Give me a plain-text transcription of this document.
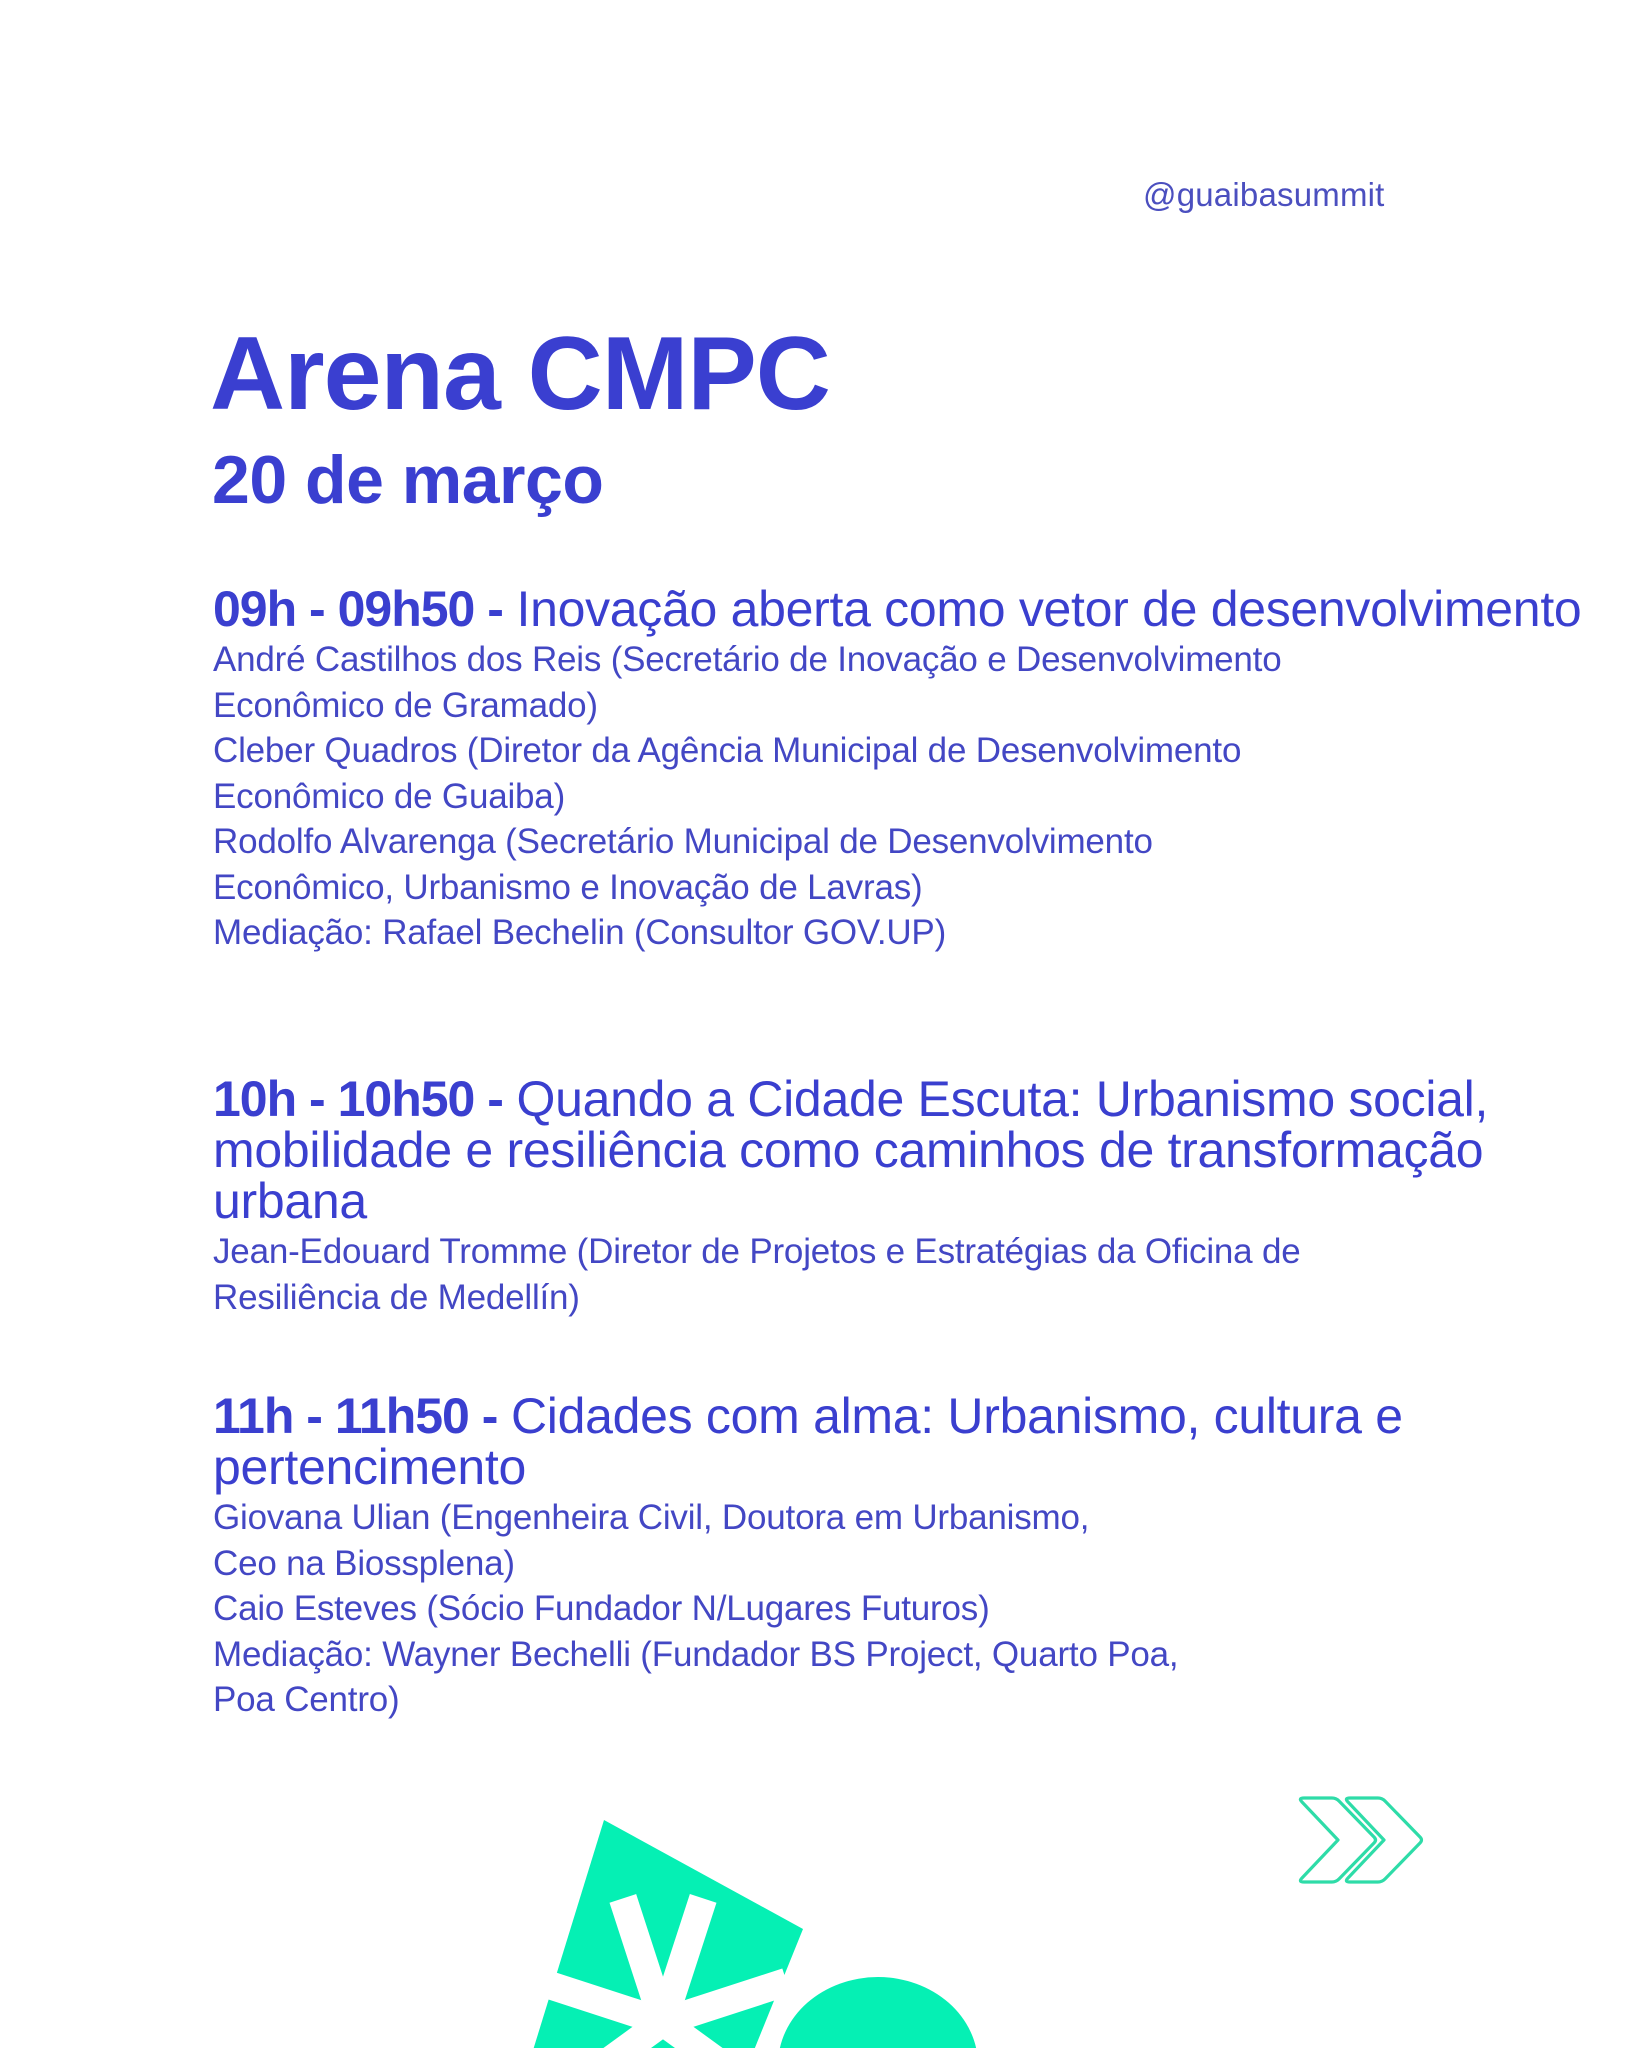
@guaibasummit
Arena CMPC
20 de março
09h - 09h50 - Inovação aberta como vetor de desenvolvimento
André Castilhos dos Reis (Secretário de Inovação e Desenvolvimento
Econômico de Gramado)
Cleber Quadros (Diretor da Agência Municipal de Desenvolvimento
Econômico de Guaiba)
Rodolfo Alvarenga (Secretário Municipal de Desenvolvimento
Econômico, Urbanismo e Inovação de Lavras)
Mediação: Rafael Bechelin (Consultor GOV.UP)
10h - 10h50 - Quando a Cidade Escuta: Urbanismo social, mobilidade e resiliência como caminhos de transformação urbana
Jean-Edouard Tromme (Diretor de Projetos e Estratégias da Oficina de
Resiliência de Medellín)
11h - 11h50 - Cidades com alma: Urbanismo, cultura e pertencimento
Giovana Ulian (Engenheira Civil, Doutora em Urbanismo,
Ceo na Biossplena)
Caio Esteves (Sócio Fundador N/Lugares Futuros)
Mediação: Wayner Bechelli (Fundador BS Project, Quarto Poa,
Poa Centro)
